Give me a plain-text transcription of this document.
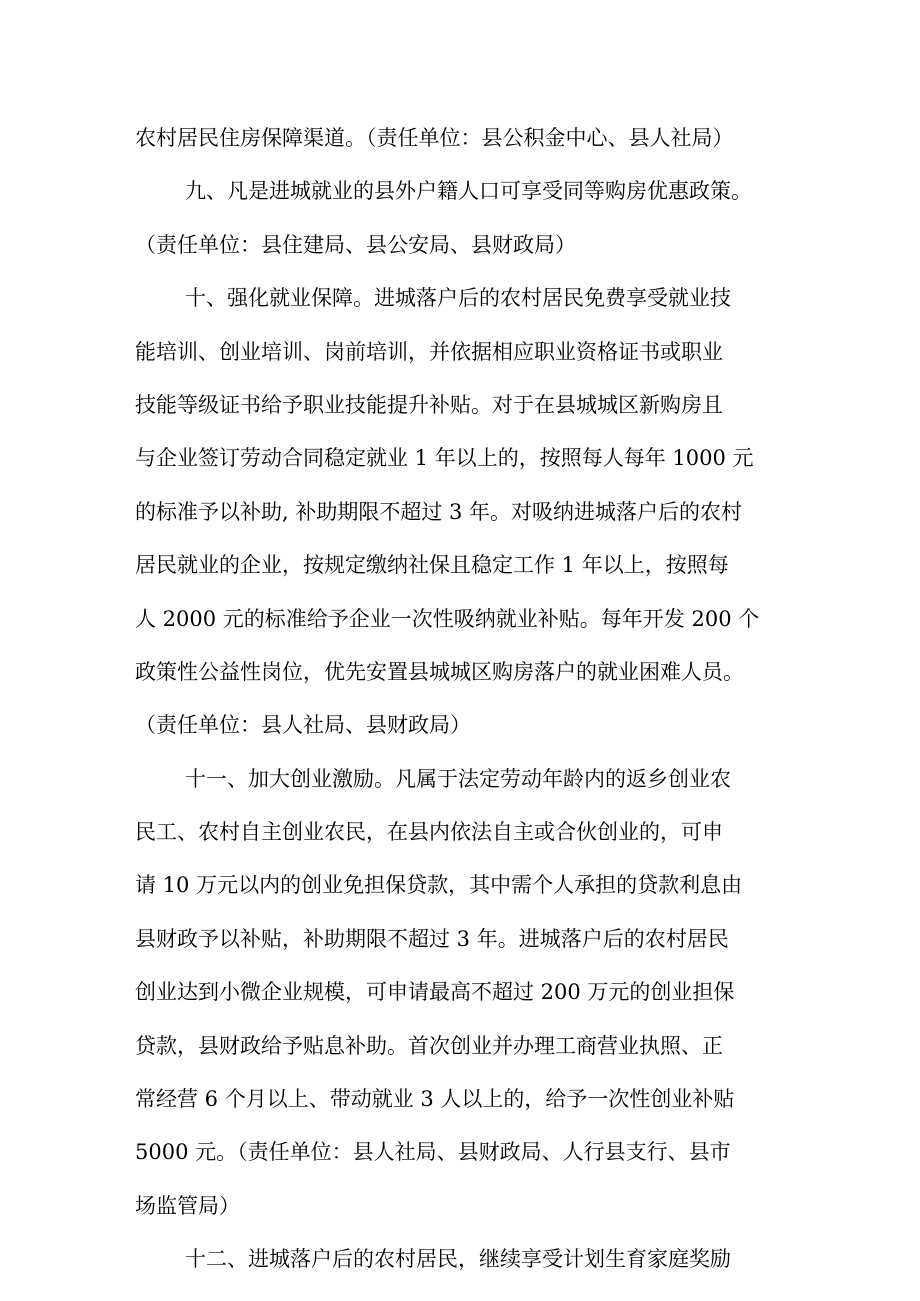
农村居民住房保障渠道。（责任单位：县公积金中心、县人社局）
九、凡是进城就业的县外户籍人口可享受同等购房优惠政策。
（责任单位：县住建局、县公安局、县财政局）
十、强化就业保障。进城落户后的农村居民免费享受就业技
能培训、创业培训、岗前培训，并依据相应职业资格证书或职业
技能等级证书给予职业技能提升补贴。对于在县城城区新购房且
与企业签订劳动合同稳定就业 1 年以上的，按照每人每年 1000 元
的标准予以补助, 补助期限不超过 3 年。对吸纳进城落户后的农村
居民就业的企业，按规定缴纳社保且稳定工作 1 年以上，按照每
人 2000 元的标准给予企业一次性吸纳就业补贴。每年开发 200 个
政策性公益性岗位，优先安置县城城区购房落户的就业困难人员。
（责任单位：县人社局、县财政局）
十一、加大创业激励。凡属于法定劳动年龄内的返乡创业农
民工、农村自主创业农民，在县内依法自主或合伙创业的，可申
请 10 万元以内的创业免担保贷款，其中需个人承担的贷款利息由
县财政予以补贴，补助期限不超过 3 年。进城落户后的农村居民
创业达到小微企业规模，可申请最高不超过 200 万元的创业担保
贷款，县财政给予贴息补助。首次创业并办理工商营业执照、正
常经营 6 个月以上、带动就业 3 人以上的，给予一次性创业补贴
5000 元。（责任单位：县人社局、县财政局、人行县支行、县市
场监管局）
十二、进城落户后的农村居民，继续享受计划生育家庭奖励
